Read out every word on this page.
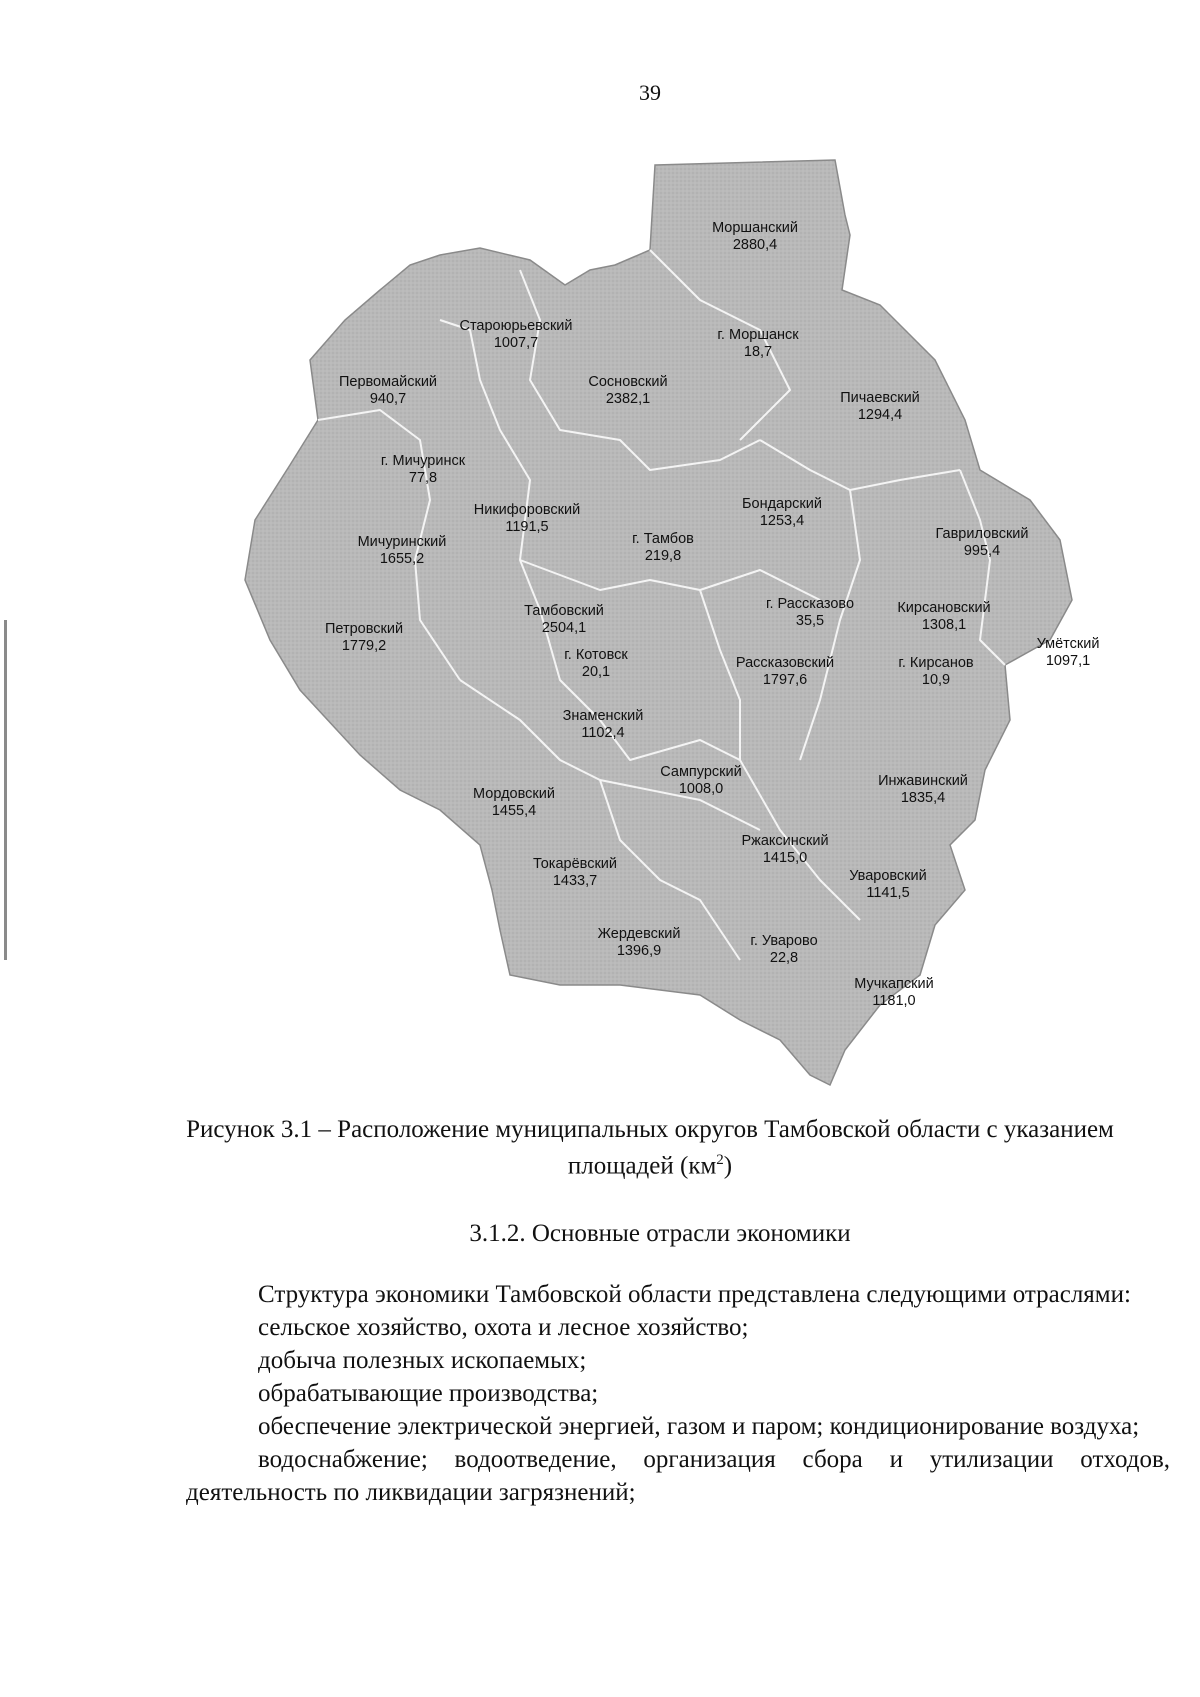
39
Моршанский
2880,4
г. Моршанск
18,7
Староюрьевский
1007,7
Первомайский
940,7
Сосновский
2382,1	Пичаевский
1294,4
г. Мичуринск
77,8
Никифоровский
1191,5
Бондарский
1253,4
Мичуринский
1655,2
г. Тамбов
219,8
Гавриловский
995,4
Тамбовский
2504,1
г. Рассказово
35,5
Кирсановский
1308,1
Петровский
1779,2	Умётский
1097,1
г. Котовск
20,1
Рассказовский
1797,6
г. Кирсанов
10,9
Знаменский
1102,4
Сампурский
1008,0	Инжавинский
1835,4
Мордовский
1455,4
Ржаксинский
1415,0
Токарёвский
1433,7	Уваровский
1141,5
Жердевский
1396,9
г. Уварово
22,8
Мучкапский
1181,0
Рисунок 3.1 – Расположение муниципальных округов Тамбовской области с указанием площадей $(км^2)$
3.1.2. Основные отрасли экономики

Структура экономики Тамбовской области представлена следующими отраслями:

сельское хозяйство, охота и лесное хозяйство;

добыча полезных ископаемых;

обрабатывающие производства;

обеспечение электрической энергией, газом и паром; кондиционирование воздуха;

водоснабжение; водоотведение, организация сбора и утилизации отходов, деятельность по ликвидации загрязнений;
